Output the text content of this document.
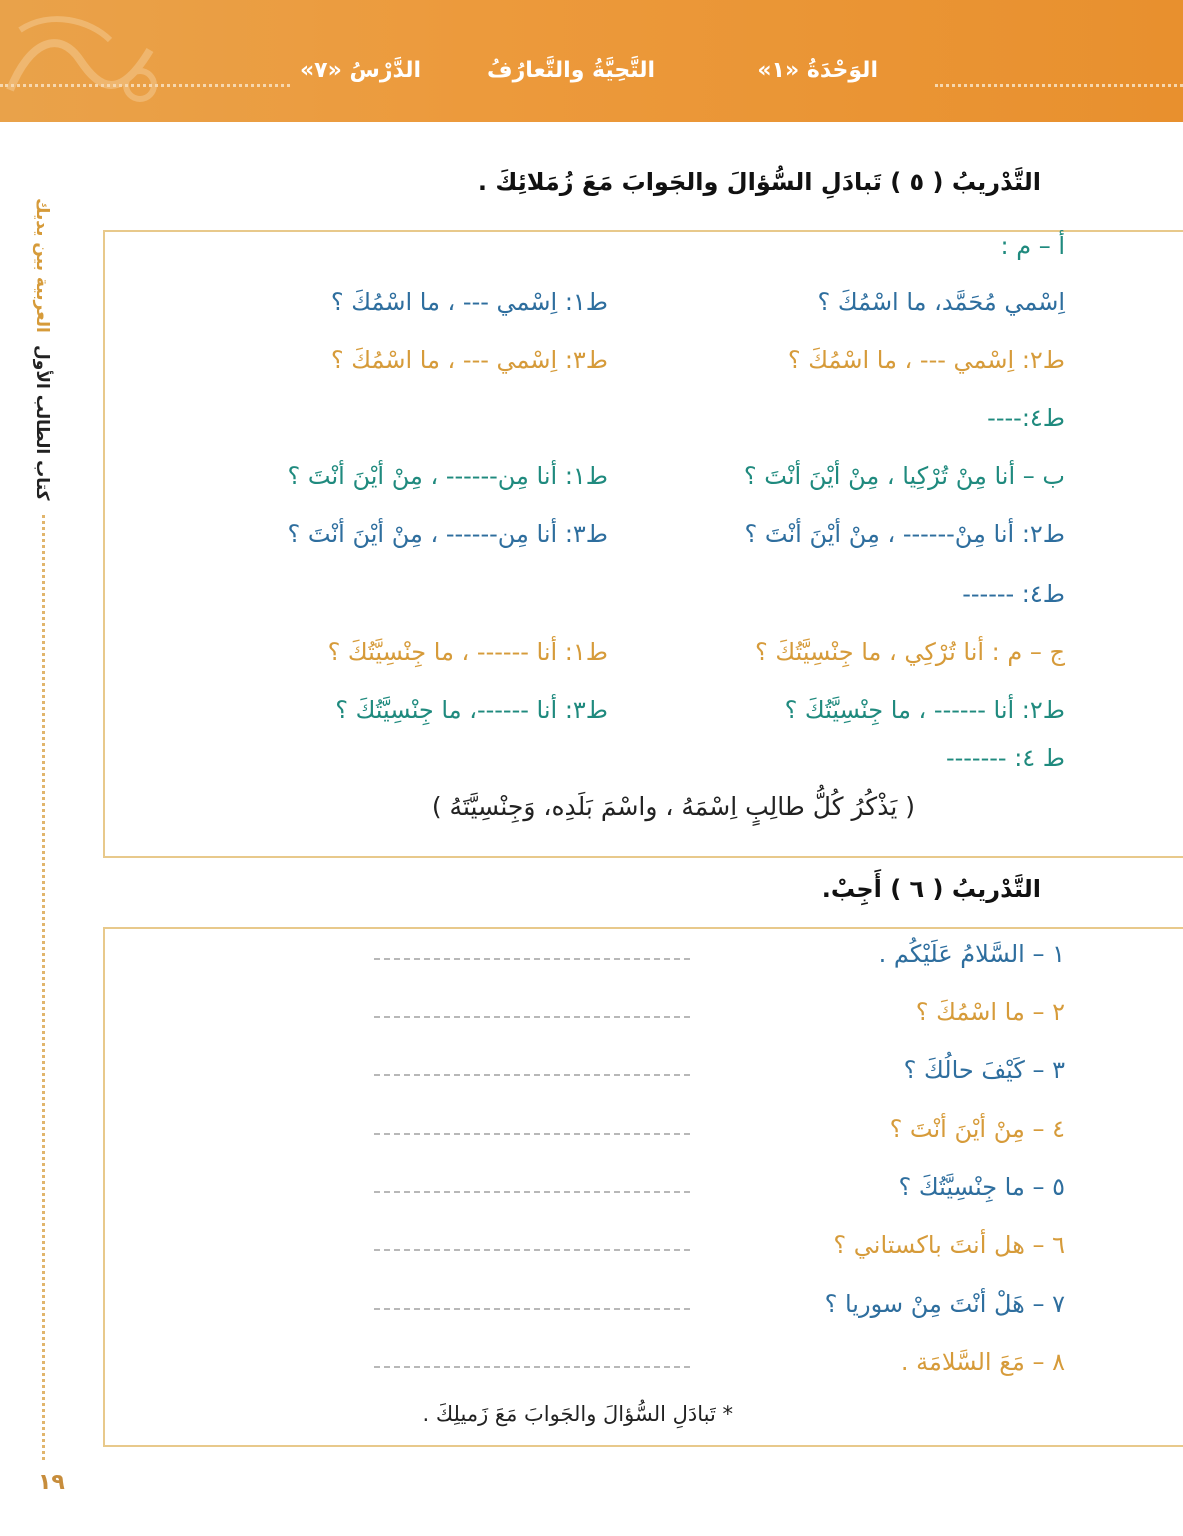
الوَحْدَةُ «١»
التَّحِيَّةُ والتَّعارُفُ
الدَّرْسُ «٧»
العربية بين يديك
كتاب الطالب الأول
١٩
التَّدْريبُ ( ٥ ) تَبادَلِ السُّؤالَ والجَوابَ مَعَ زُمَلائِكَ .
أ – م :
اِسْمي مُحَمَّد، ما اسْمُكَ ؟
ط١: اِسْمي --- ، ما اسْمُكَ ؟
ط٢: اِسْمي --- ، ما اسْمُكَ ؟
ط٣: اِسْمي --- ، ما اسْمُكَ ؟
ط٤:----
ب – أنا مِنْ تُرْكِيا ، مِنْ أيْنَ أنْتَ ؟
ط١: أنا مِن------ ، مِنْ أيْنَ أنْتَ ؟
ط٢: أنا مِنْ------ ، مِنْ أيْنَ أنْتَ ؟
ط٣: أنا مِن------ ، مِنْ أيْنَ أنْتَ ؟
ط٤: ------
ج – م : أنا تُرْكِي ، ما جِنْسِيَّتُكَ ؟
ط١: أنا ------ ، ما جِنْسِيَّتُكَ ؟
ط٢: أنا ------ ، ما جِنْسِيَّتُكَ ؟
ط٣: أنا ------، ما جِنْسِيَّتُكَ ؟
ط ٤: -------
( يَذْكُرُ كُلُّ طالِبٍ اِسْمَهُ ، واسْمَ بَلَدِه، وَجِنْسِيَّتَهُ )
التَّدْريبُ ( ٦ ) أَجِبْ.
١ – السَّلامُ عَلَيْكُم .
٢ – ما اسْمُكَ ؟
٣ – كَيْفَ حالُكَ ؟
٤ – مِنْ أيْنَ أنْتَ ؟
٥ – ما جِنْسِيَّتُكَ ؟
٦ – هل أنتَ باكستاني ؟
٧ – هَلْ أنْتَ مِنْ سوريا ؟
٨ – مَعَ السَّلامَة .
* تَبادَلِ السُّؤالَ والجَوابَ مَعَ زَميلِكَ .
